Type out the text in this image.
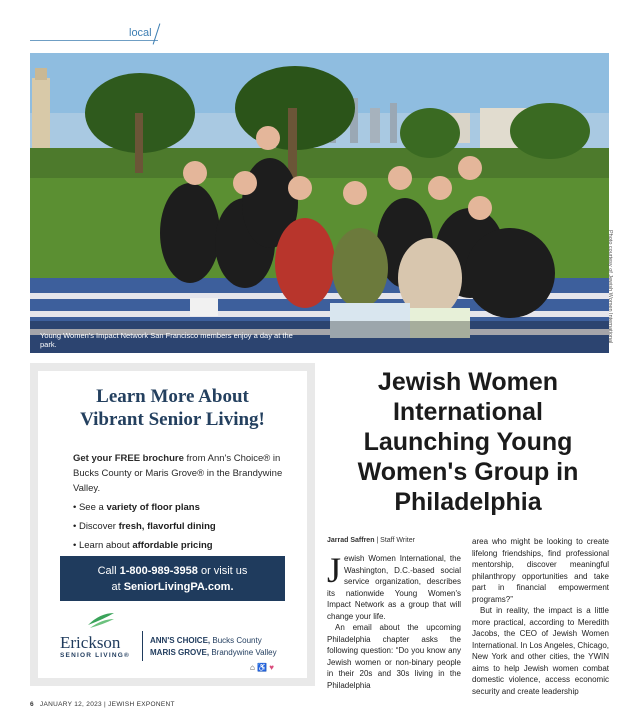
local
Young Women's Impact Network San Francisco members enjoy a day at the park.
Photo courtesy of Jewish Women International
Learn More About
Vibrant Senior Living!
Get your FREE brochure from Ann's Choice® in Bucks County or Maris Grove® in the Brandywine Valley.
• See a variety of floor plans
• Discover fresh, flavorful dining
• Learn about affordable pricing
Call 1-800-989-3958 or visit us
at SeniorLivingPA.com.
Erickson
SENIOR LIVING®
ANN'S CHOICE, Bucks County
MARIS GROVE, Brandywine Valley
⌂ ♿ ♥
Jewish Women International Launching Young Women's Group in Philadelphia
Jarrad Saffren | Staff Writer
J ewish Women International, the Washington, D.C.-based social service organization, describes its nationwide Young Women's Impact Network as a group that will change your life.

An email about the upcoming Philadelphia chapter asks the following question: “Do you know any Jewish women or non-binary people in their 20s and 30s living in the Philadelphia

area who might be looking to create lifelong friendships, find professional mentorship, discover meaningful philanthropy opportunities and take part in financial empowerment programs?”

But in reality, the impact is a little more practical, according to Meredith Jacobs, the CEO of Jewish Women International. In Los Angeles, Chicago, New York and other cities, the YWIN aims to help Jewish women combat domestic violence, access economic security and create leadership

6 JANUARY 12, 2023 | JEWISH EXPONENT
